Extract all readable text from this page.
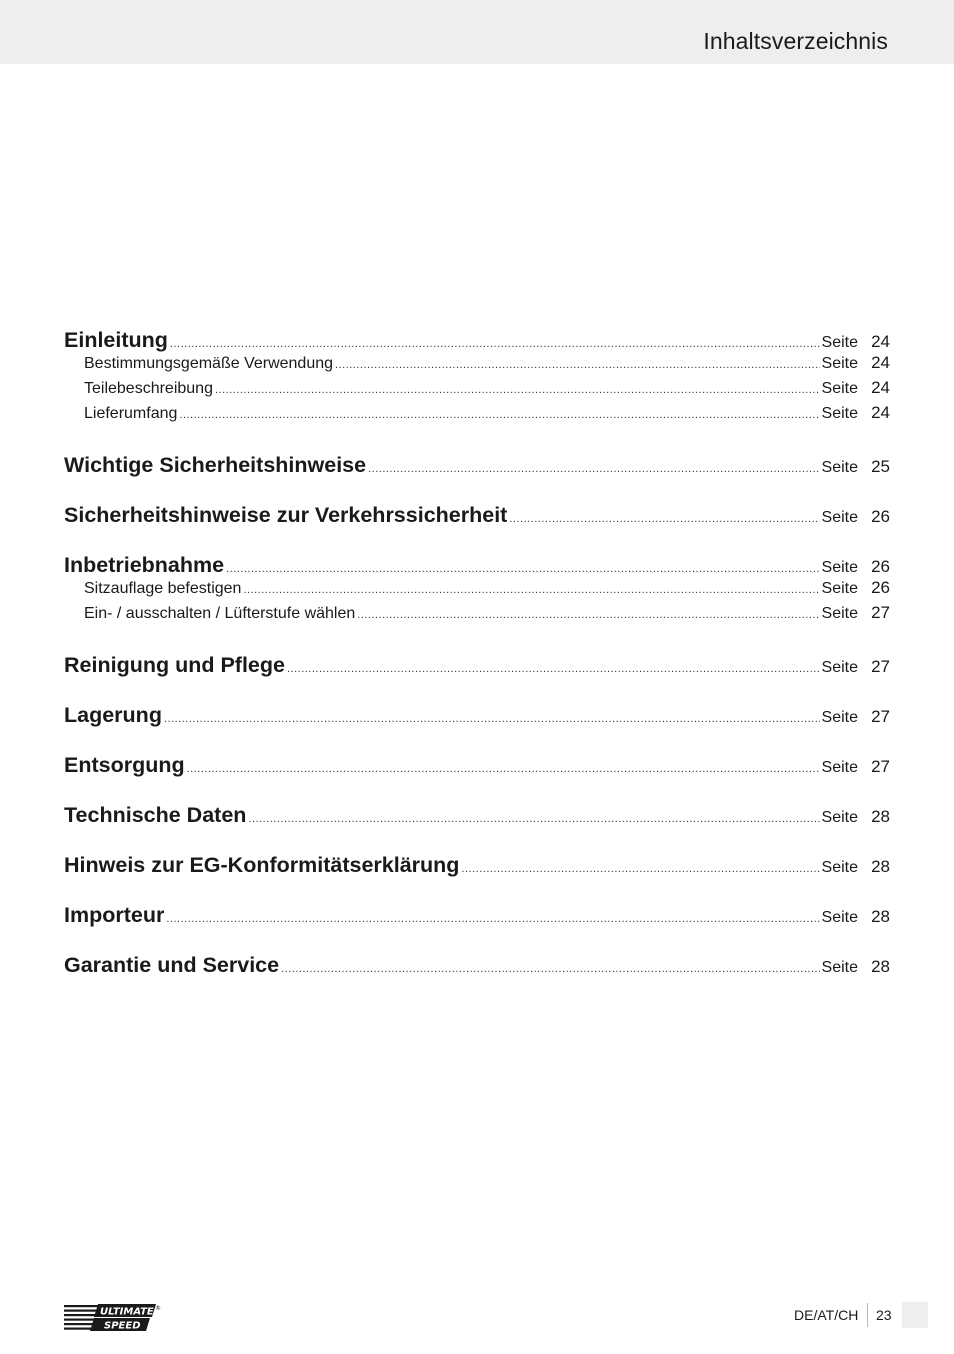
Inhaltsverzeichnis
Einleitung .....	Seite 24
Bestimmungsgemäße Verwendung .....	Seite 24
Teilebeschreibung .....	Seite 24
Lieferumfang .....	Seite 24
Wichtige Sicherheitshinweise .....	Seite 25
Sicherheitshinweise zur Verkehrssicherheit .....	Seite 26
Inbetriebnahme .....	Seite 26
Sitzauflage befestigen .....	Seite 26
Ein- / ausschalten / Lüfterstufe wählen .....	Seite 27
Reinigung und Pflege .....	Seite 27
Lagerung .....	Seite 27
Entsorgung .....	Seite 27
Technische Daten .....	Seite 28
Hinweis zur EG-Konformitätserklärung .....	Seite 28
Importeur .....	Seite 28
Garantie und Service .....	Seite 28
ULTIMATE
SPEED
®	DE/AT/CH 23
